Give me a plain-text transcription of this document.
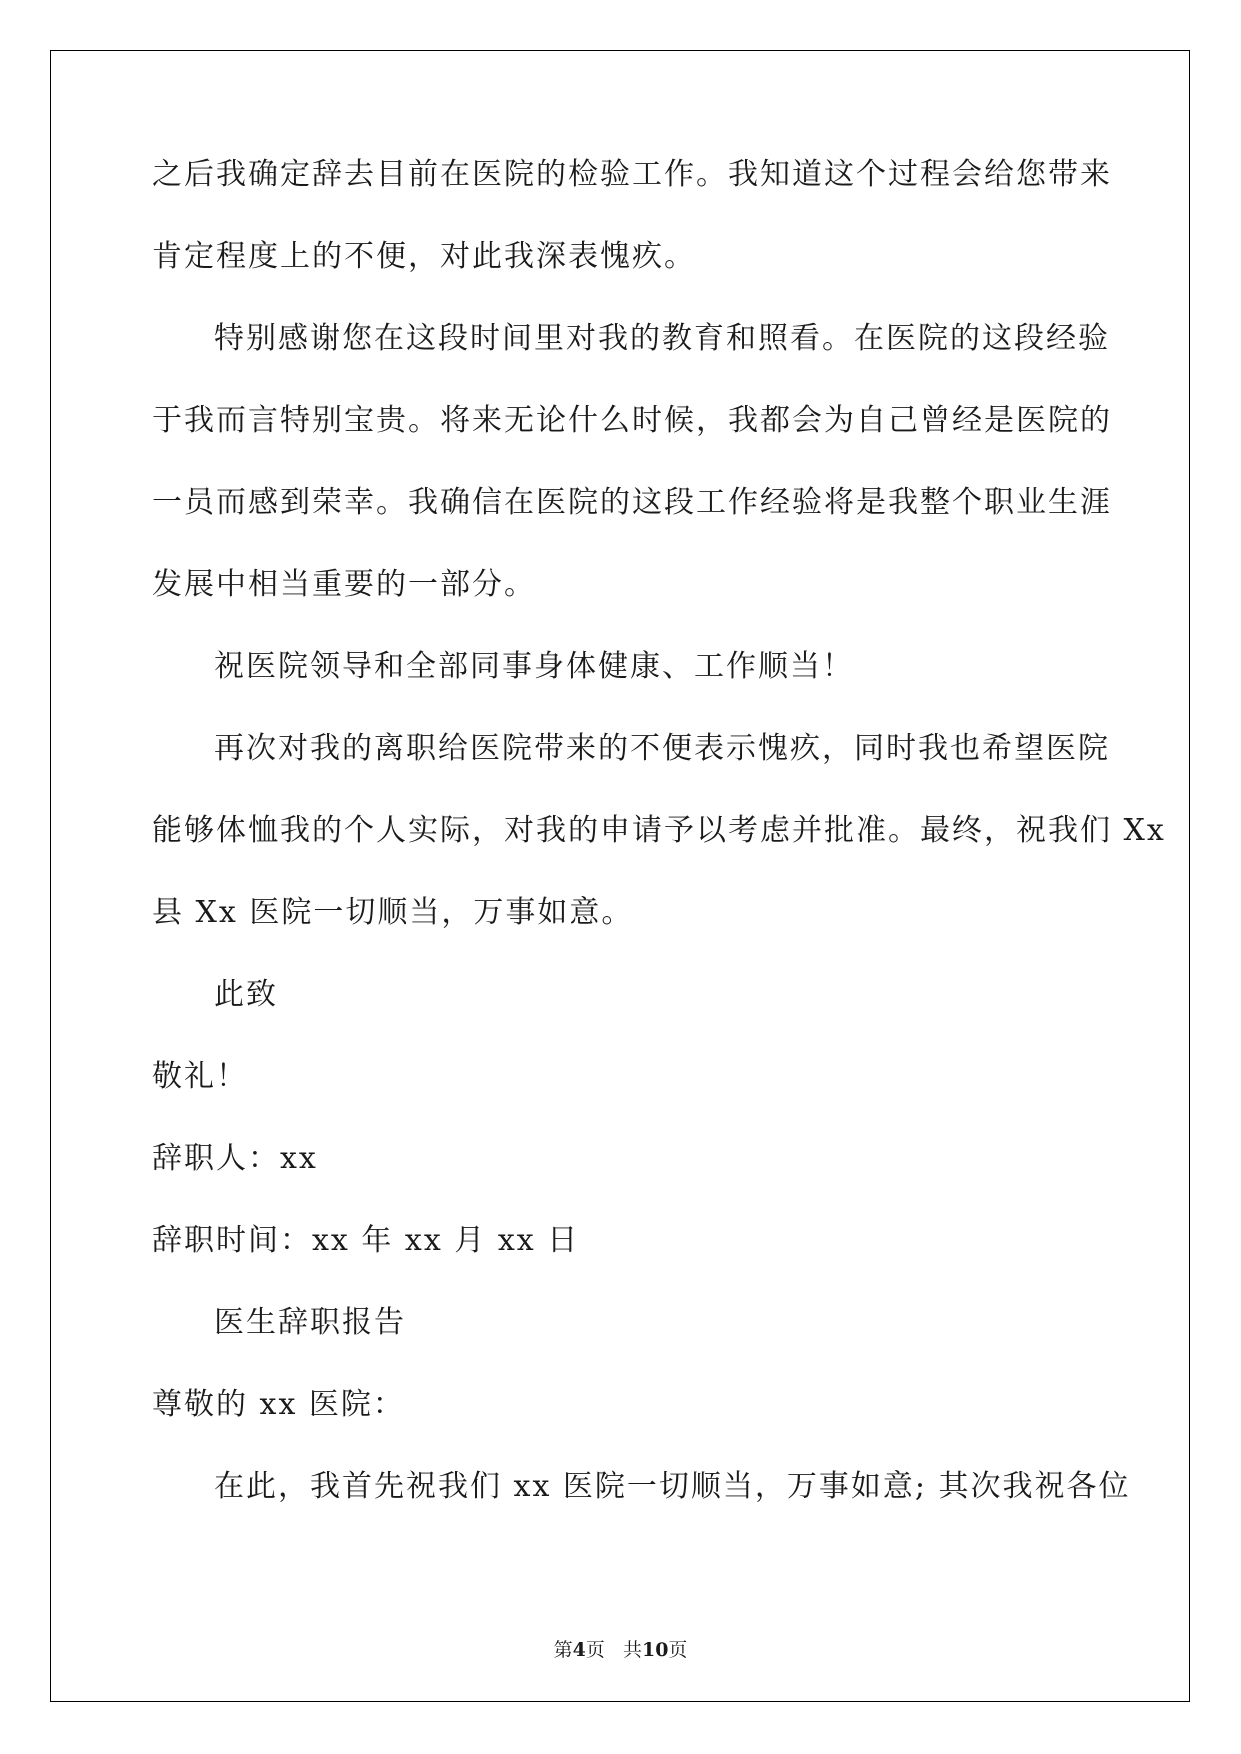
之后我确定辞去目前在医院的检验工作。我知道这个过程会给您带来
肯定程度上的不便，对此我深表愧疚。
特别感谢您在这段时间里对我的教育和照看。在医院的这段经验
于我而言特别宝贵。将来无论什么时候，我都会为自己曾经是医院的
一员而感到荣幸。我确信在医院的这段工作经验将是我整个职业生涯
发展中相当重要的一部分。
祝医院领导和全部同事身体健康、工作顺当！
再次对我的离职给医院带来的不便表示愧疚，同时我也希望医院
能够体恤我的个人实际，对我的申请予以考虑并批准。最终，祝我们 Xx
县 Xx 医院一切顺当，万事如意。
此致
敬礼！
辞职人：xx
辞职时间：xx 年 xx 月 xx 日
医生辞职报告
尊敬的 xx 医院：
在此，我首先祝我们 xx 医院一切顺当，万事如意; 其次我祝各位
第4页 共10页
